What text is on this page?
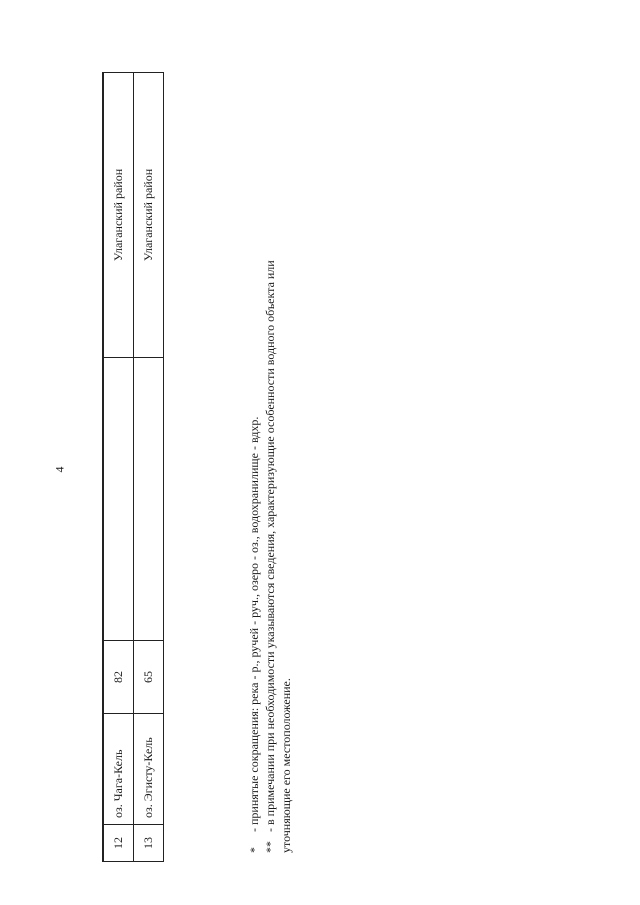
4
12	оз. Чага-Кель	82		Улаганский район
13	оз. Эгисту-Кель	65		Улаганский район

* - принятые сокращения: река - р., ручей - руч., озеро - оз., водохранилище - вдхр.

** - в примечании при необходимости указываются сведения, характеризующие особенности водного объекта или уточняющие его местоположение.
